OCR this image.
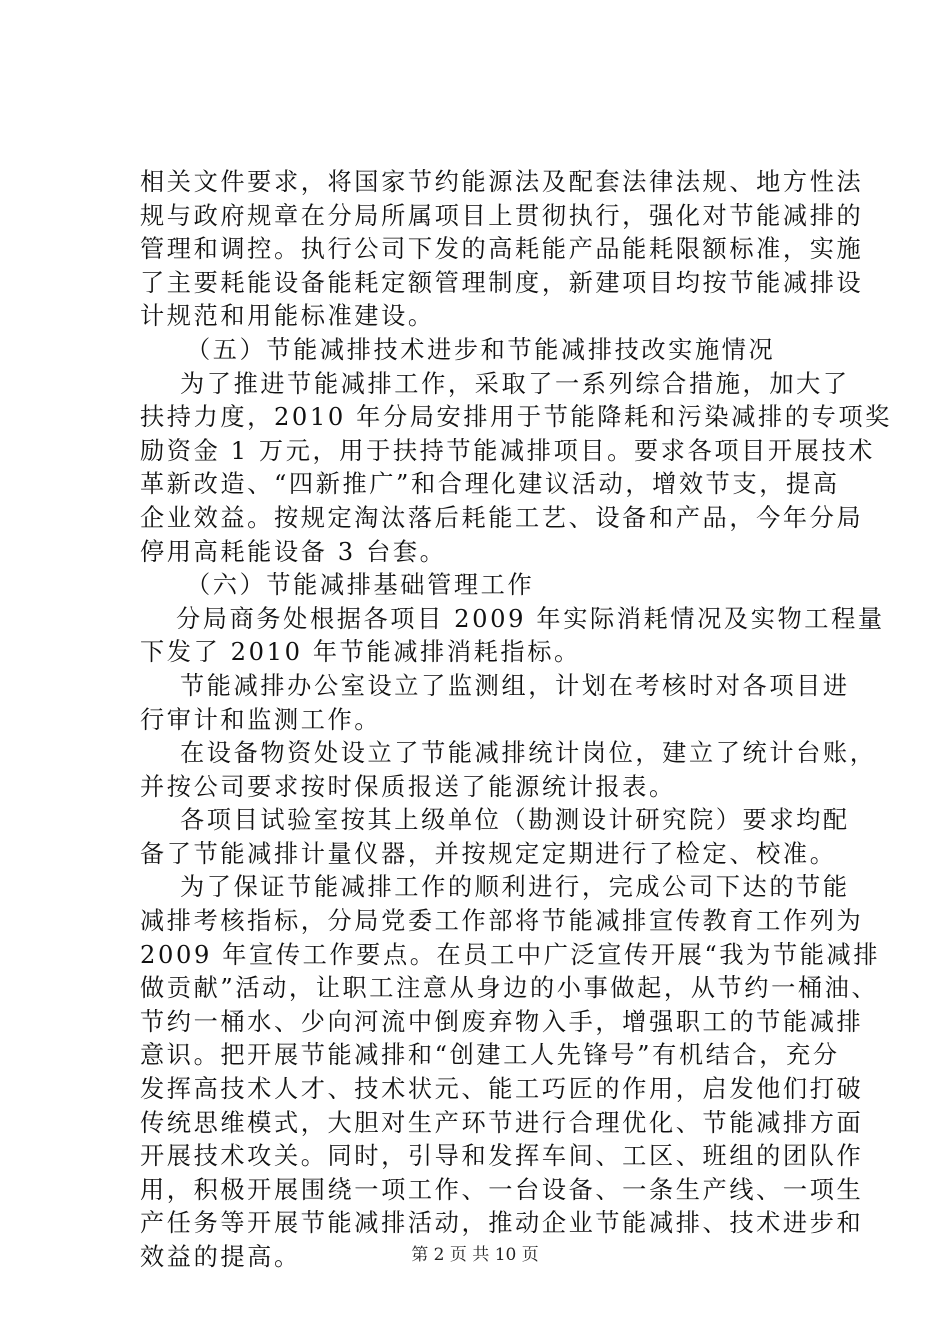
相关文件要求，将国家节约能源法及配套法律法规、地方性法
规与政府规章在分局所属项目上贯彻执行，强化对节能减排的
管理和调控。执行公司下发的高耗能产品能耗限额标准，实施
了主要耗能设备能耗定额管理制度，新建项目均按节能减排设
计规范和用能标准建设。
（五）节能减排技术进步和节能减排技改实施情况
为了推进节能减排工作，采取了一系列综合措施，加大了
扶持力度，2010 年分局安排用于节能降耗和污染减排的专项奖
励资金 1 万元，用于扶持节能减排项目。要求各项目开展技术
革新改造、“四新推广”和合理化建议活动，增效节支，提高
企业效益。按规定淘汰落后耗能工艺、设备和产品，今年分局
停用高耗能设备 3 台套。
（六）节能减排基础管理工作
分局商务处根据各项目 2009 年实际消耗情况及实物工程量
下发了 2010 年节能减排消耗指标。
节能减排办公室设立了监测组，计划在考核时对各项目进
行审计和监测工作。
在设备物资处设立了节能减排统计岗位，建立了统计台账，
并按公司要求按时保质报送了能源统计报表。
各项目试验室按其上级单位（勘测设计研究院）要求均配
备了节能减排计量仪器，并按规定定期进行了检定、校准。
为了保证节能减排工作的顺利进行，完成公司下达的节能
减排考核指标，分局党委工作部将节能减排宣传教育工作列为
2009 年宣传工作要点。在员工中广泛宣传开展“我为节能减排
做贡献”活动，让职工注意从身边的小事做起，从节约一桶油、
节约一桶水、少向河流中倒废弃物入手，增强职工的节能减排
意识。把开展节能减排和“创建工人先锋号”有机结合，充分
发挥高技术人才、技术状元、能工巧匠的作用，启发他们打破
传统思维模式，大胆对生产环节进行合理优化、节能减排方面
开展技术攻关。同时，引导和发挥车间、工区、班组的团队作
用，积极开展围绕一项工作、一台设备、一条生产线、一项生
产任务等开展节能减排活动，推动企业节能减排、技术进步和
效益的提高。	第 2 页 共 10 页
